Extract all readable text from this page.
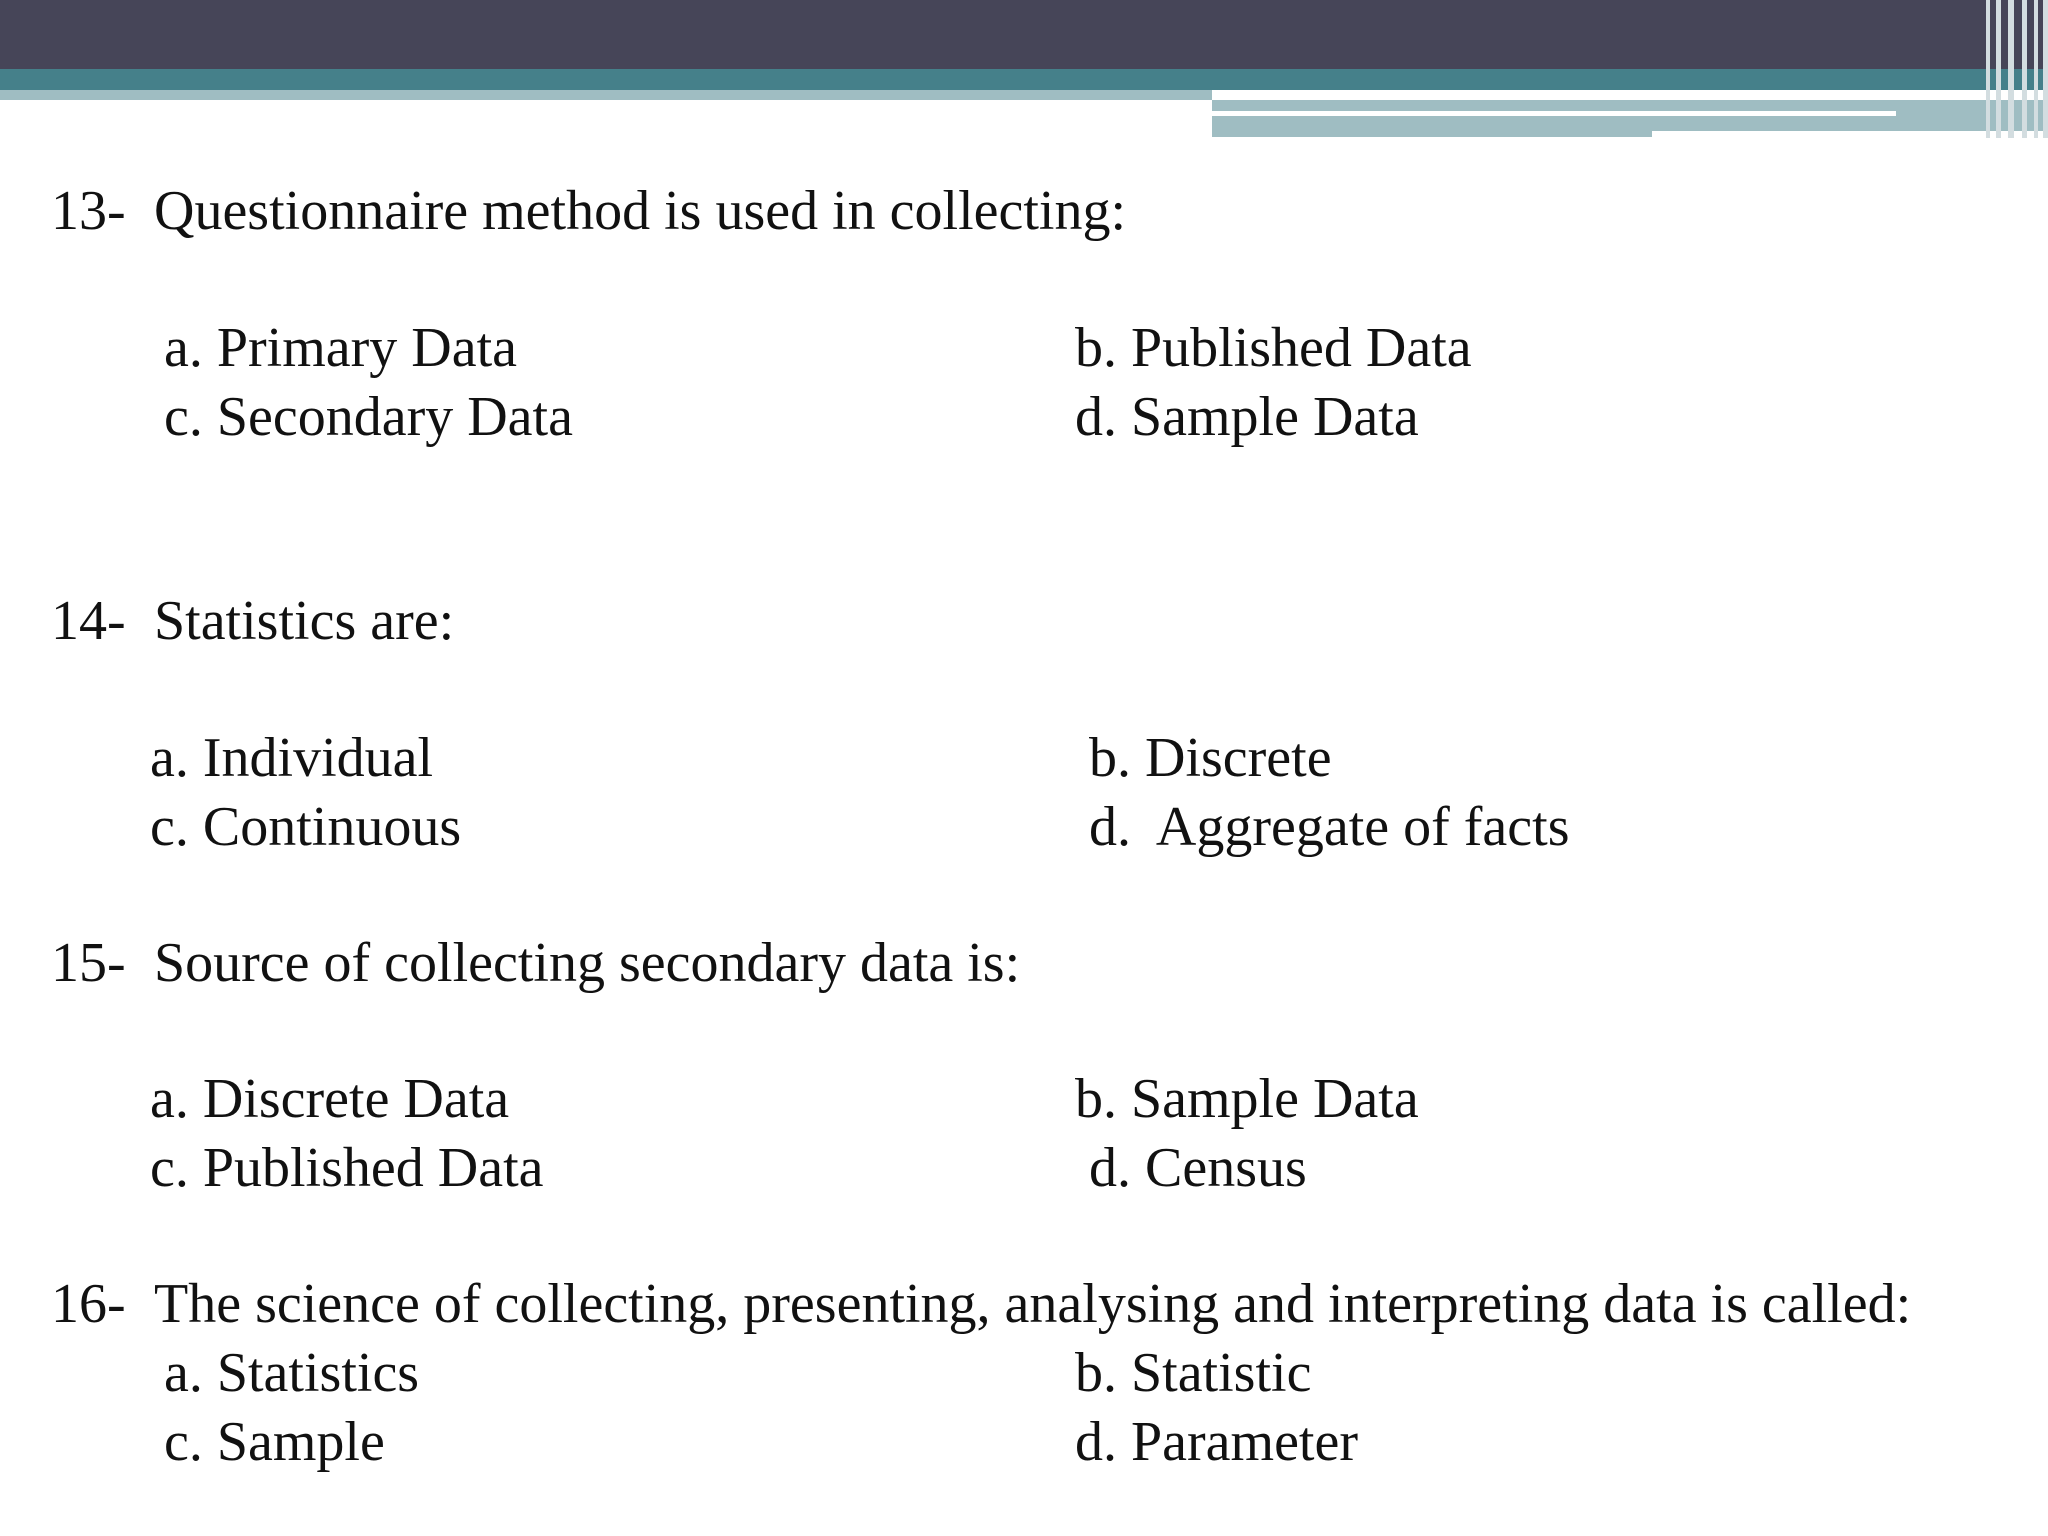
13- Questionnaire method is used in collecting:
a. Primary Data	b. Published Data
c. Secondary Data	d. Sample Data
14- Statistics are:
a. Individual	b. Discrete
c. Continuous	d.  Aggregate of facts
15- Source of collecting secondary data is:
a. Discrete Data	b. Sample Data
c. Published Data	d. Census
16- The science of collecting, presenting, analysing and interpreting data is called:
a. Statistics	b. Statistic
c. Sample	d. Parameter
